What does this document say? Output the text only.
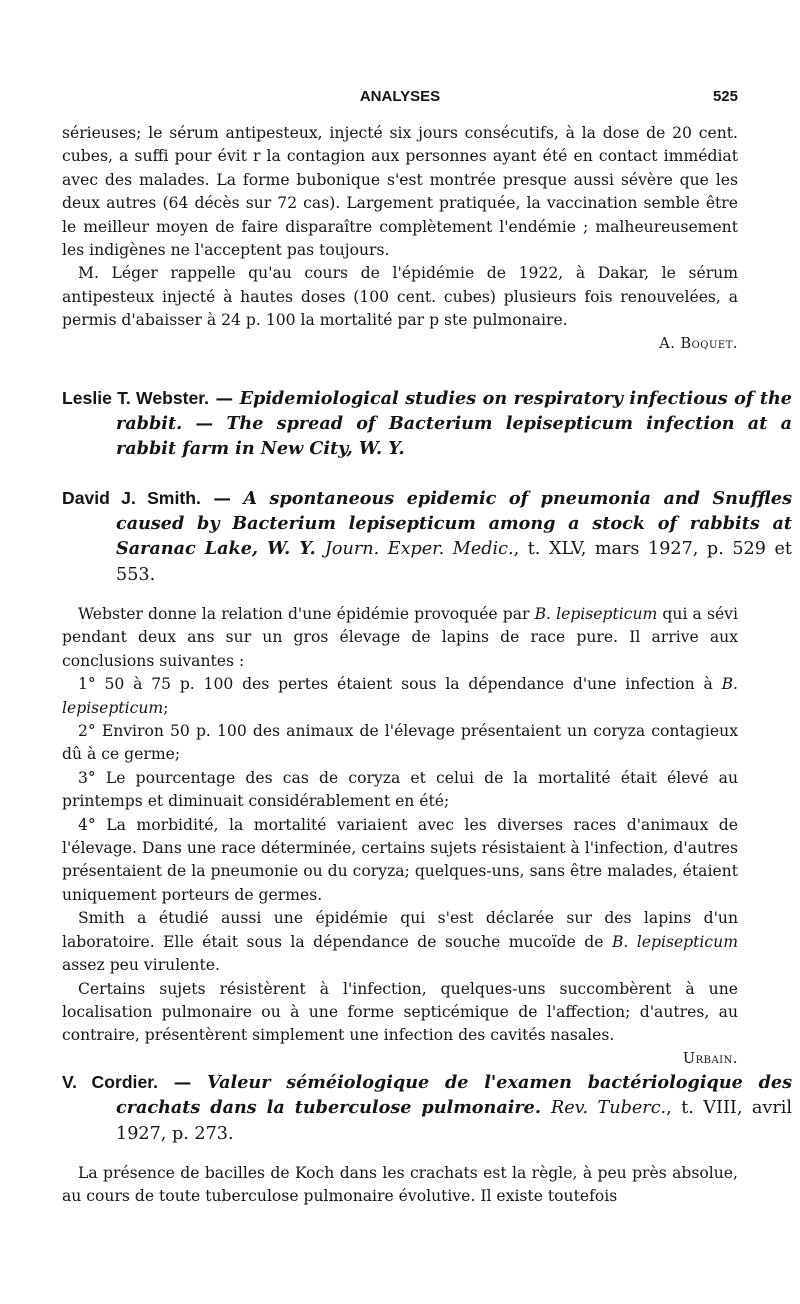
ANALYSES	525

sérieuses; le sérum antipesteux, injecté six jours consécutifs, à la dose de 20 cent. cubes, a suffi pour évit r la contagion aux personnes ayant été en contact immédiat avec des malades. La forme bubonique s'est montrée presque aussi sévère que les deux autres (64 décès sur 72 cas). Largement pratiquée, la vaccination semble être le meilleur moyen de faire disparaître complètement l'endémie ; malheureusement les indigènes ne l'acceptent pas toujours.

M. Léger rappelle qu'au cours de l'épidémie de 1922, à Dakar, le sérum antipesteux injecté à hautes doses (100 cent. cubes) plusieurs fois renouvelées, a permis d'abaisser à 24 p. 100 la mortalité par p ste pulmonaire.

A. Boquet.

Leslie T. Webster. — Epidemiological studies on respiratory infectious of the rabbit. — The spread of Bacterium lepisepticum infection at a rabbit farm in New City, W. Y.
David J. Smith. — A spontaneous epidemic of pneumonia and Snuffles caused by Bacterium lepisepticum among a stock of rabbits at Saranac Lake, W. Y. Journ. Exper. Medic., t. XLV, mars 1927, p. 529 et 553.

Webster donne la relation d'une épidémie provoquée par B. lepisepticum qui a sévi pendant deux ans sur un gros élevage de lapins de race pure. Il arrive aux conclusions suivantes :

1° 50 à 75 p. 100 des pertes étaient sous la dépendance d'une infection à B. lepisepticum;

2° Environ 50 p. 100 des animaux de l'élevage présentaient un coryza contagieux dû à ce germe;

3° Le pourcentage des cas de coryza et celui de la mortalité était élevé au printemps et diminuait considérablement en été;

4° La morbidité, la mortalité variaient avec les diverses races d'animaux de l'élevage. Dans une race déterminée, certains sujets résistaient à l'infection, d'autres présentaient de la pneumonie ou du coryza; quelques-uns, sans être malades, étaient uniquement porteurs de germes.

Smith a étudié aussi une épidémie qui s'est déclarée sur des lapins d'un laboratoire. Elle était sous la dépendance de souche mucoïde de B. lepisepticum assez peu virulente.

Certains sujets résistèrent à l'infection, quelques-uns succombèrent à une localisation pulmonaire ou à une forme septicémique de l'affection; d'autres, au contraire, présentèrent simplement une infection des cavités nasales.

Urbain.

V. Cordier. — Valeur séméiologique de l'examen bactériologique des crachats dans la tuberculose pulmonaire. Rev. Tuberc., t. VIII, avril 1927, p. 273.

La présence de bacilles de Koch dans les crachats est la règle, à peu près absolue, au cours de toute tuberculose pulmonaire évolutive. Il existe toutefois
